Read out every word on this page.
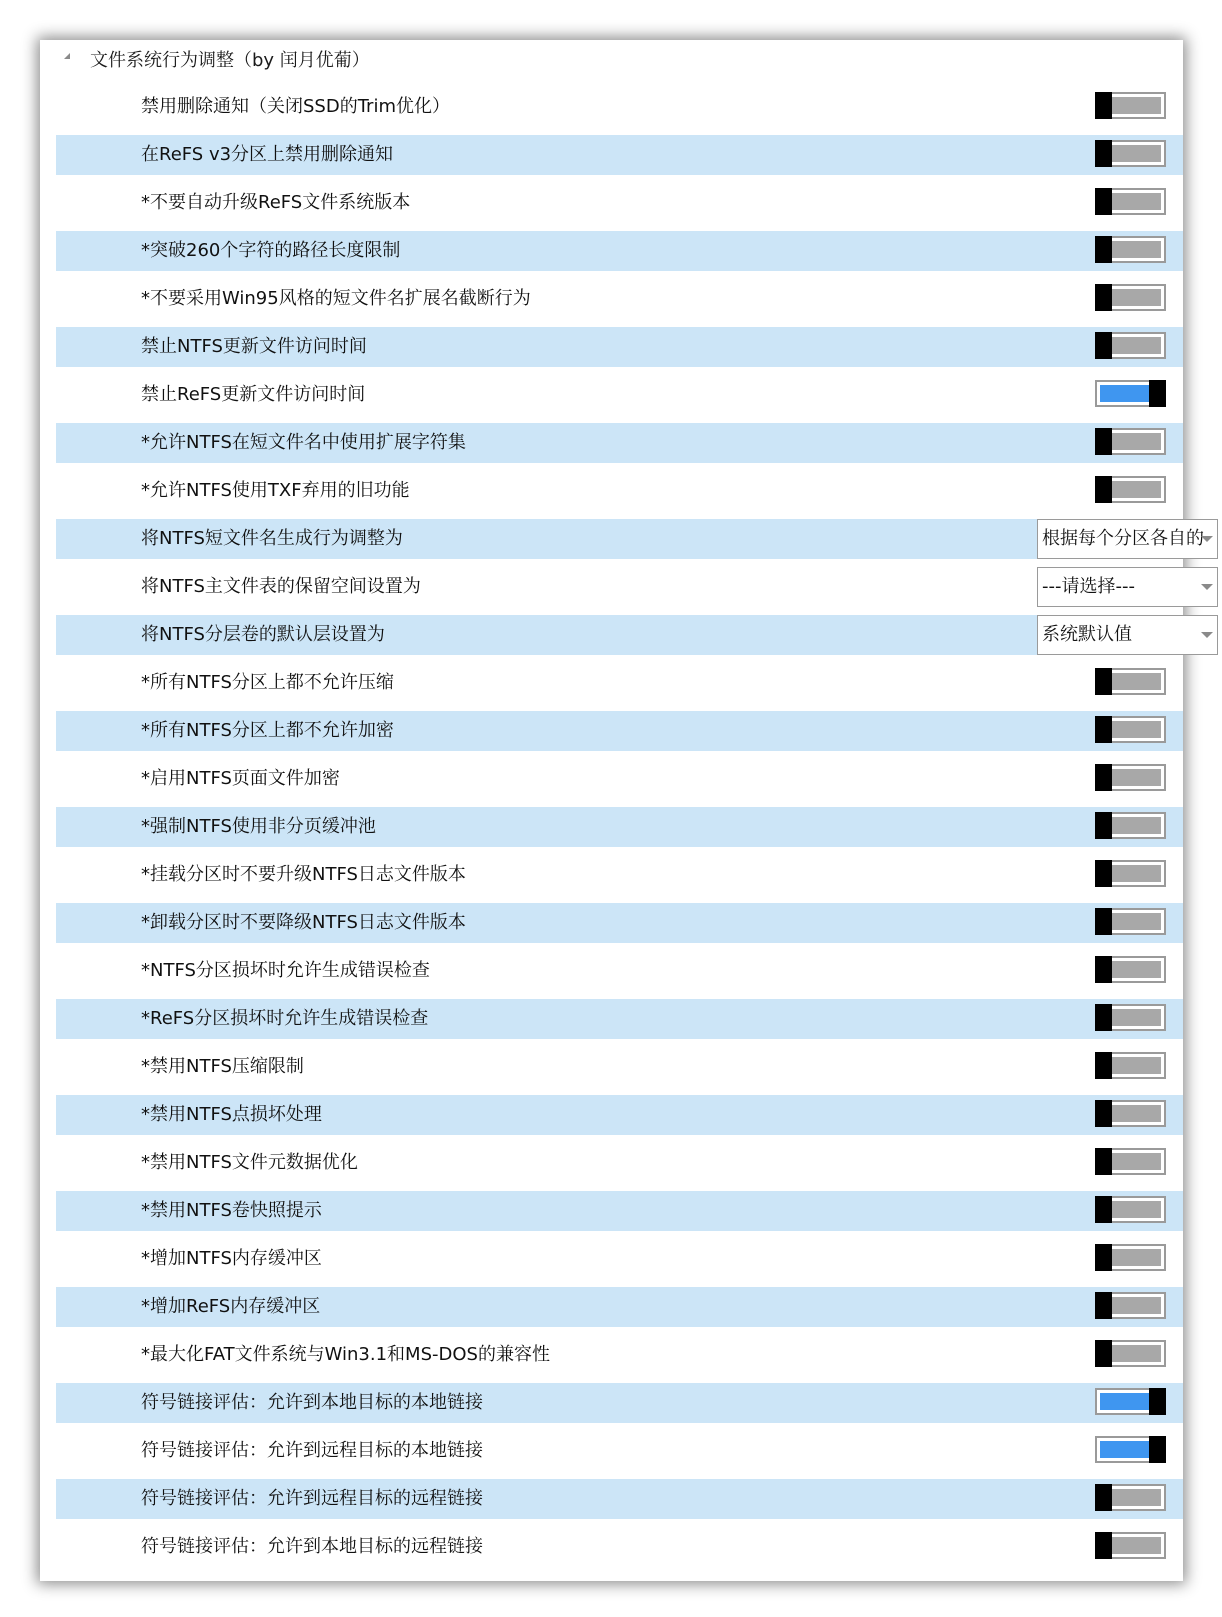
文件系统行为调整（by 闰月优葡）
禁用删除通知（关闭SSD的Trim优化）
在ReFS v3分区上禁用删除通知
*不要自动升级ReFS文件系统版本
*突破260个字符的路径长度限制
*不要采用Win95风格的短文件名扩展名截断行为
禁止NTFS更新文件访问时间
禁止ReFS更新文件访问时间
*允许NTFS在短文件名中使用扩展字符集
*允许NTFS使用TXF弃用的旧功能
将NTFS短文件名生成行为调整为	根据每个分区各自的
将NTFS主文件表的保留空间设置为	---请选择---
将NTFS分层卷的默认层设置为	系统默认值
*所有NTFS分区上都不允许压缩
*所有NTFS分区上都不允许加密
*启用NTFS页面文件加密
*强制NTFS使用非分页缓冲池
*挂载分区时不要升级NTFS日志文件版本
*卸载分区时不要降级NTFS日志文件版本
*NTFS分区损坏时允许生成错误检查
*ReFS分区损坏时允许生成错误检查
*禁用NTFS压缩限制
*禁用NTFS点损坏处理
*禁用NTFS文件元数据优化
*禁用NTFS卷快照提示
*增加NTFS内存缓冲区
*增加ReFS内存缓冲区
*最大化FAT文件系统与Win3.1和MS-DOS的兼容性
符号链接评估：允许到本地目标的本地链接
符号链接评估：允许到远程目标的本地链接
符号链接评估：允许到远程目标的远程链接
符号链接评估：允许到本地目标的远程链接
